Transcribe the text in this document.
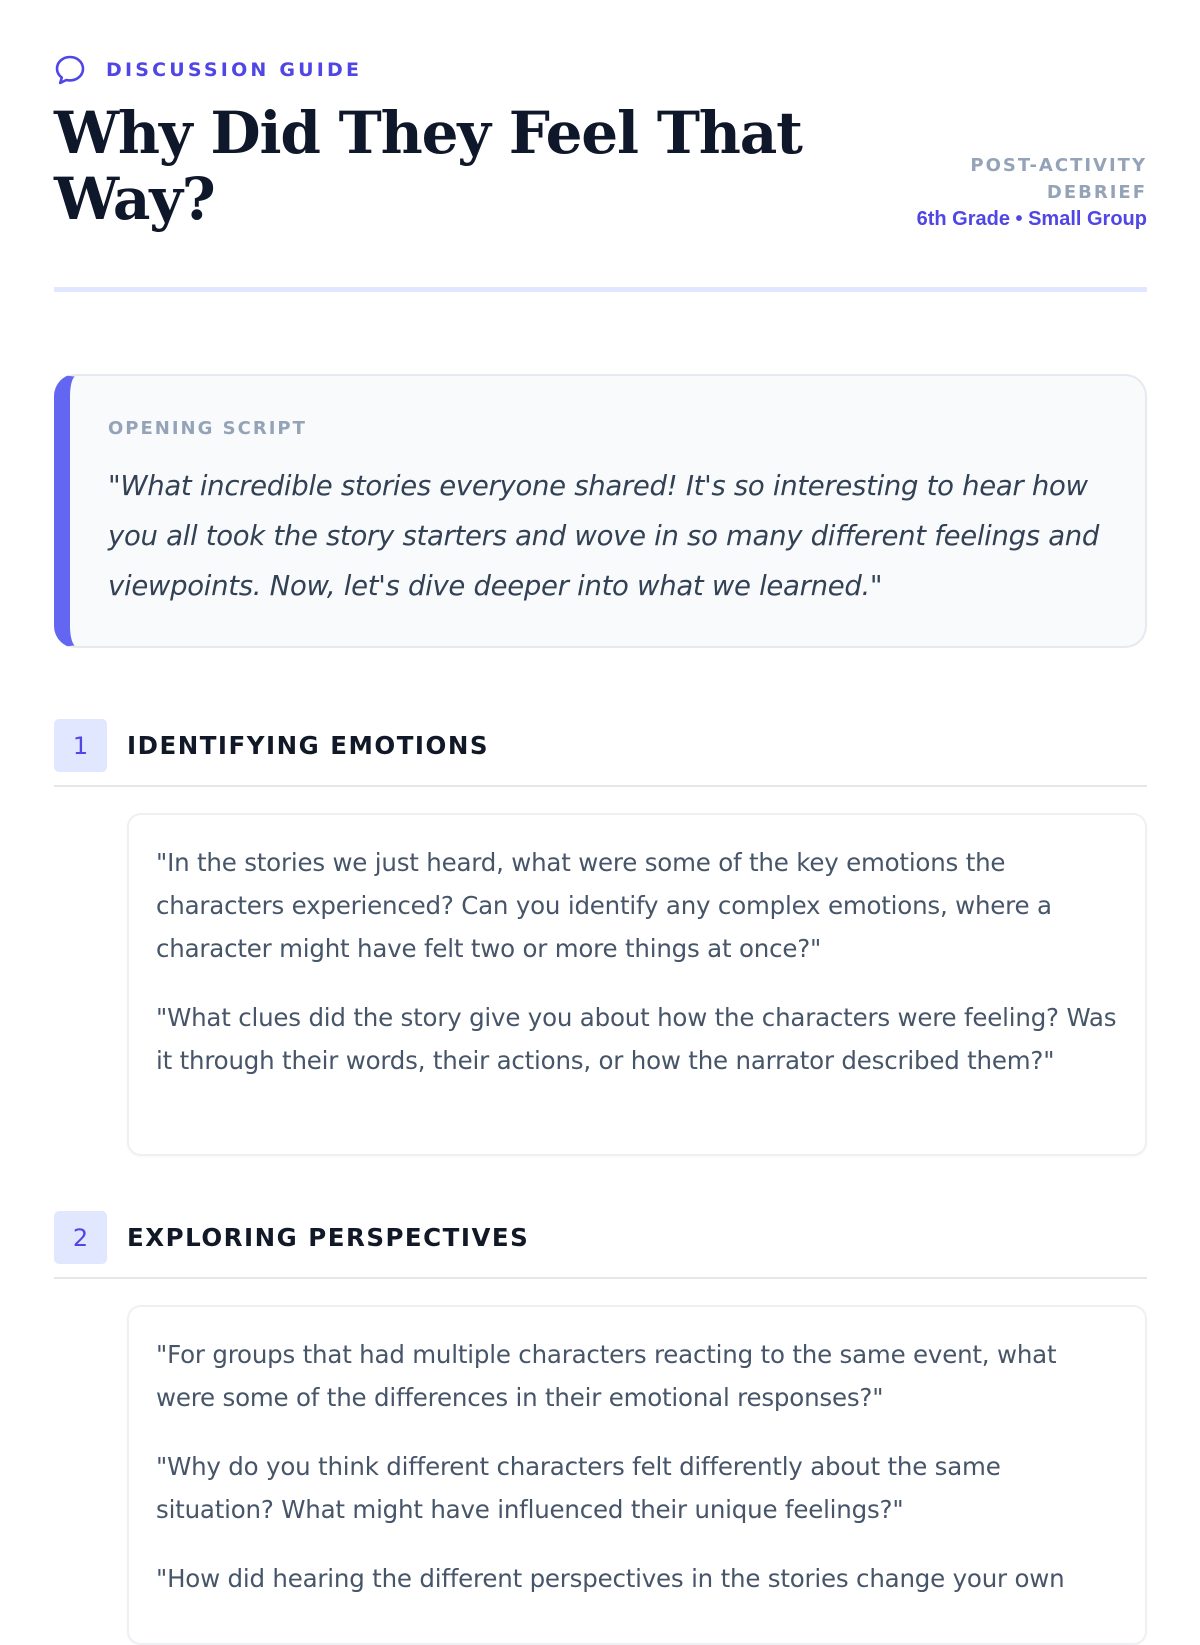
DISCUSSION GUIDE
Why Did They Feel That Way?	POST-ACTIVITY DEBRIEF
6th Grade • Small Group
OPENING SCRIPT
"What incredible stories everyone shared! It's so interesting to hear how you all took the story starters and wove in so many different feelings and viewpoints. Now, let's dive deeper into what we learned."
1	IDENTIFYING EMOTIONS

"In the stories we just heard, what were some of the key emotions the characters experienced? Can you identify any complex emotions, where a character might have felt two or more things at once?"

"What clues did the story give you about how the characters were feeling? Was it through their words, their actions, or how the narrator described them?"

2	EXPLORING PERSPECTIVES

"For groups that had multiple characters reacting to the same event, what were some of the differences in their emotional responses?"

"Why do you think different characters felt differently about the same situation? What might have influenced their unique feelings?"

"How did hearing the different perspectives in the stories change your own
